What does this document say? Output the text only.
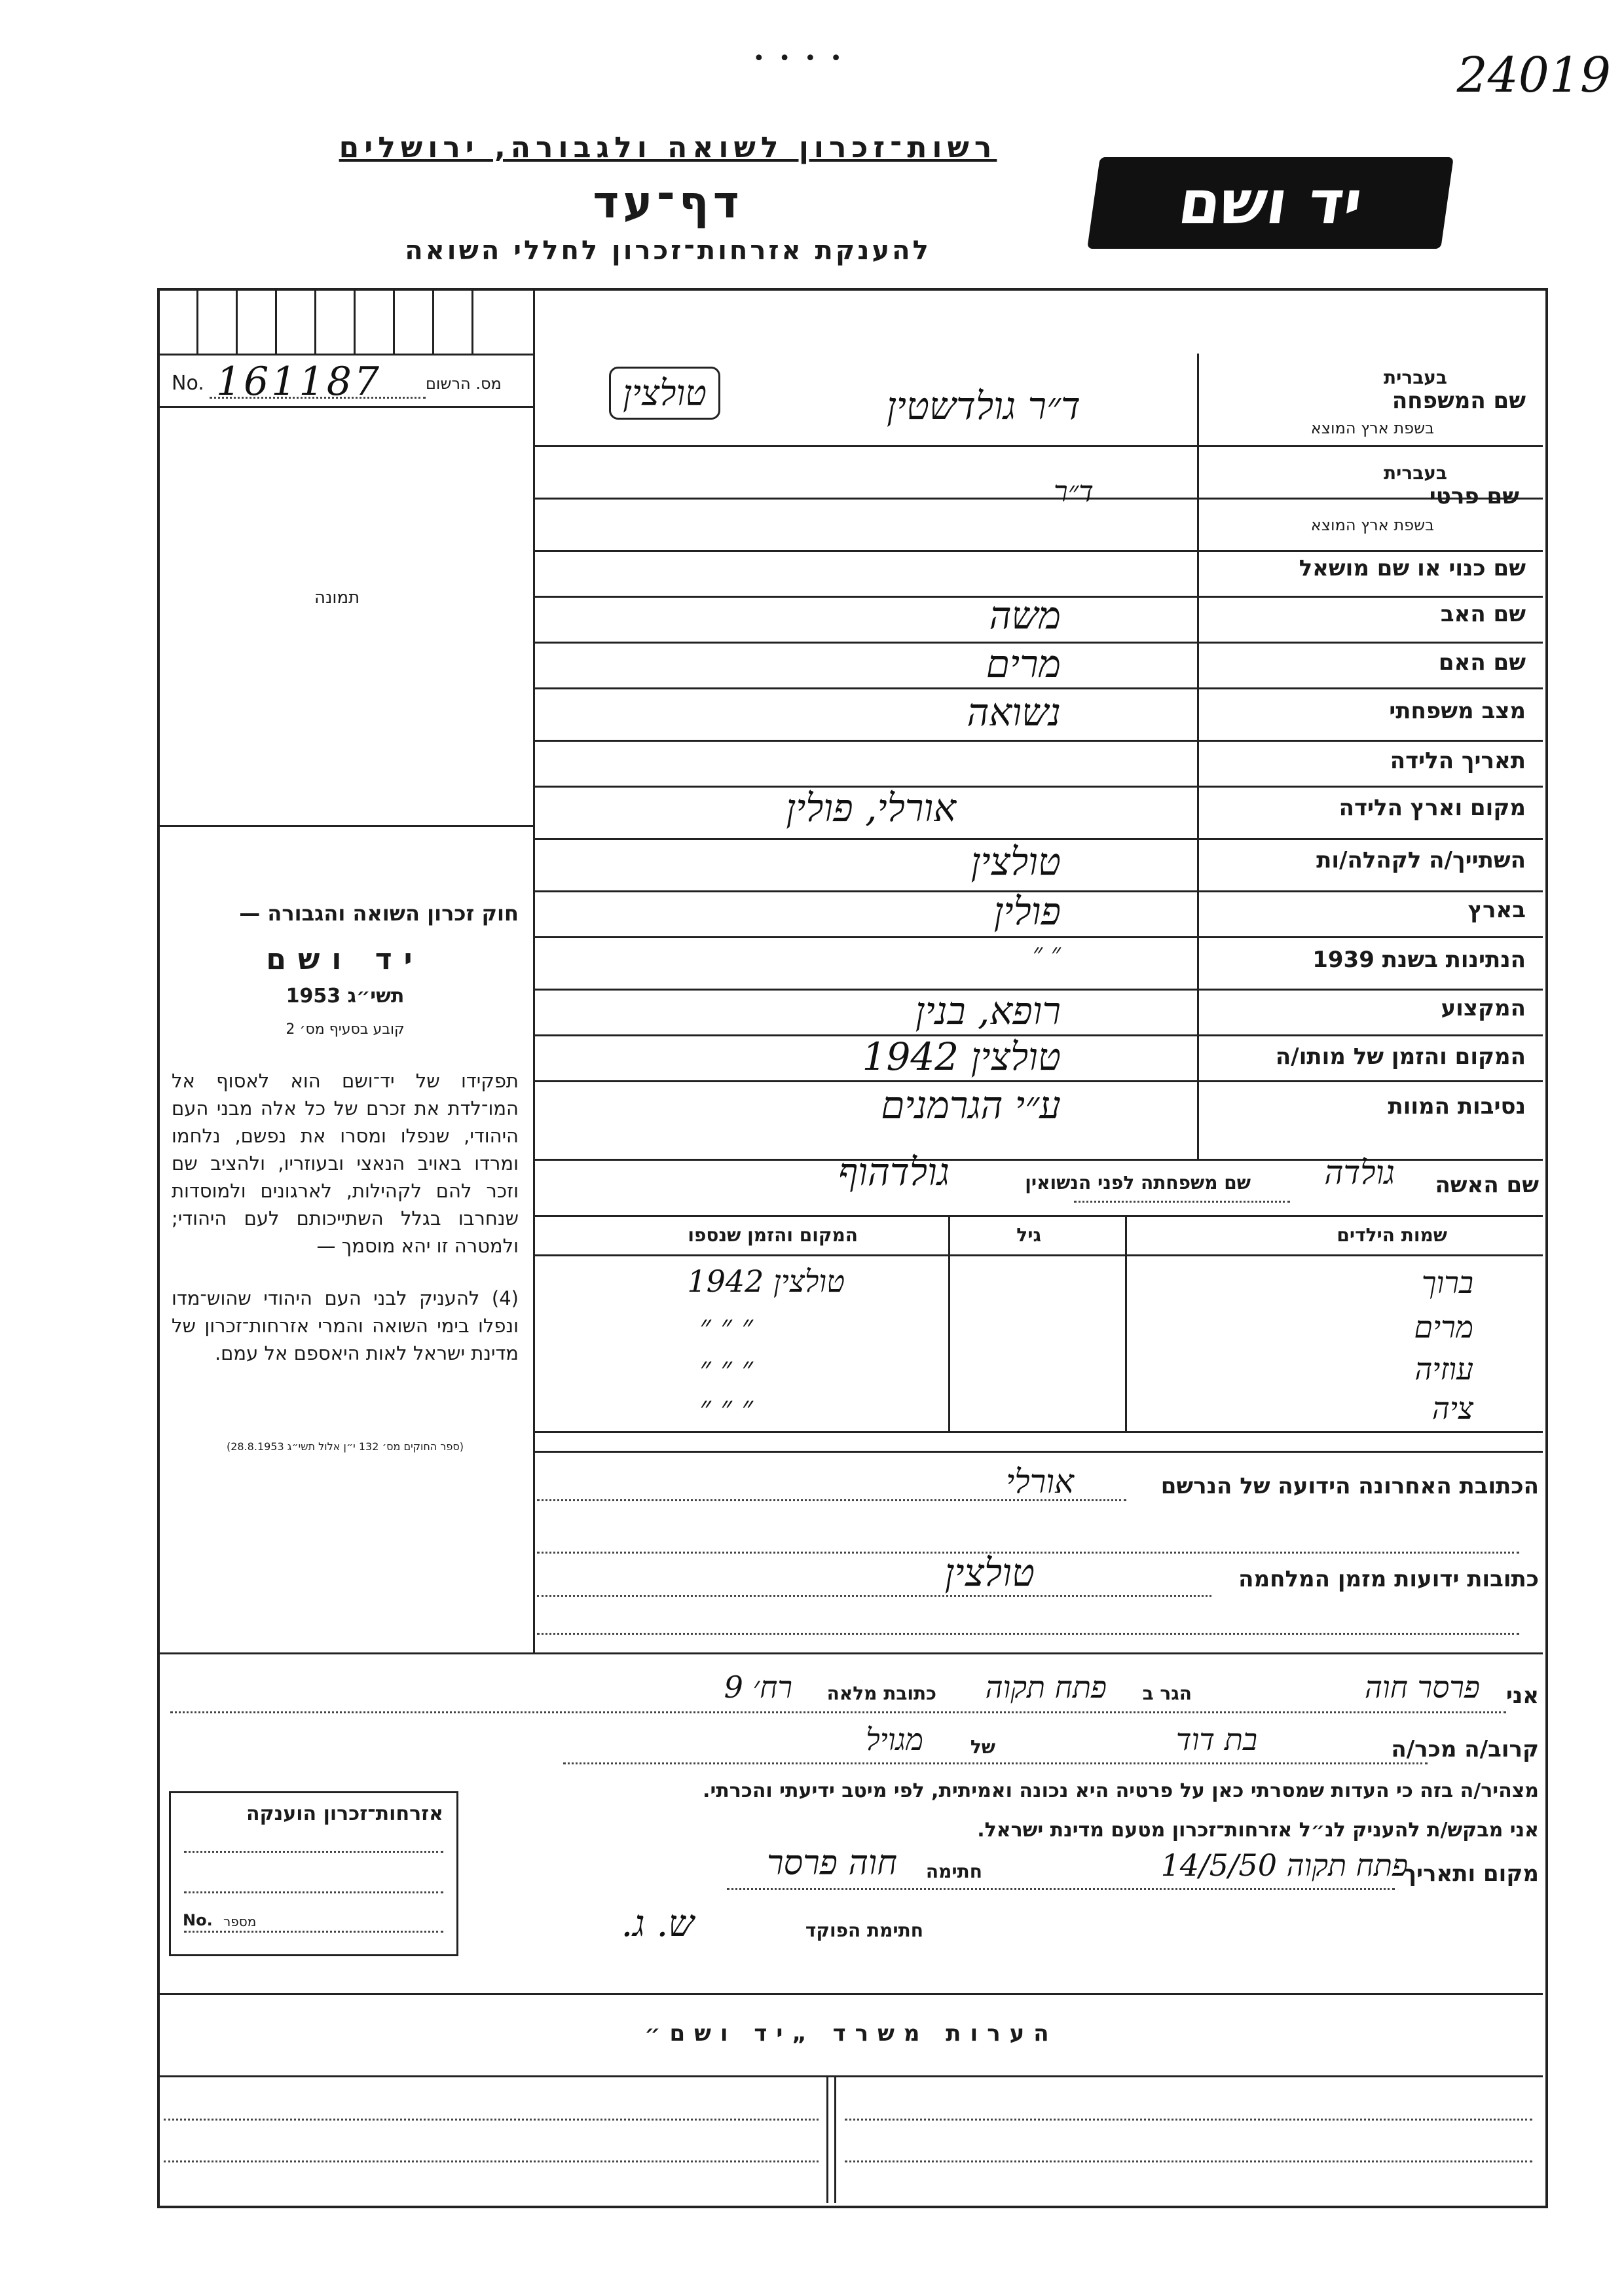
24019
• • • •
רשות־זכרון לשואה ולגבורה, ירושלים
דף־עד
להענקת אזרחות־זכרון לחללי השואה
יד ושם
No. 161187	מס. הרשום
תמונה
חוק זכרון השואה והגבורה —
יד ושם
תשי״ג 1953
קובע בסעיף מס׳ 2
תפקידו של יד־ושם הוא לאסוף אל המו־לדת את זכרם של כל אלה מבני העם היהודי, שנפלו ומסרו את נפשם, נלחמו ומרדו באויב הנאצי ובעוזריו, ולהציב שם וזכר להם לקהילות, לארגונים ולמוסדות שנחרבו בגלל השתייכותם לעם היהודי; ולמטרה זו יהא מוסמך —
(4) להעניק לבני העם היהודי שהוש־מדו ונפלו בימי השואה והמרי אזרחות־זכרון של מדינת ישראל לאות היאספם אל עמם.
(ספר החוקים מס׳ 132 י״ן אלול תשי״ג 28.8.1953)
שם המשפחה
בעברית
בשפת ארץ המוצא
ד״ר גולדשטין
טולצין
שם פרטי
בעברית
בשפת ארץ המוצא
ד״ר
שם כנוי או שם מושאל
שם האב
משה
שם האם
מרים
מצב משפחתי
נשואה
תאריך הלידה
מקום וארץ הלידה
אורלי, פולין
השתייך/ה לקהלה/ות
טולצין
בארץ
פולין
הנתינות בשנת 1939
״ ״
המקצוע
רופא, בנין
המקום והזמן של מותו/ה
טולצין 1942
נסיבות המוות
ע״י הגרמנים
שם האשה
גולדה
שם משפחתה לפני הנשואין
גולדהוף
שמות הילדים
גיל
המקום והזמן שנספו
ברוך
טולצין 1942
מרים
״ ״ ״
עוזיה
״ ״ ״
ציה
״ ״ ״
הכתובת האחרונה הידועה של הנרשם
אורלי
כתובות ידועות מזמן המלחמה
טולצין
אני
פרסר חוה
הגר ב
פתח תקוה
כתובת מלאה
רח׳ 9
קרוב/ה מכר/ה
בת דוד
של
מגויל
מצהיר/ה בזה כי העדות שמסרתי כאן על פרטיה היא נכונה ואמיתית, לפי מיטב ידיעתי והכרתי.
אני מבקש/ת להעניק לנ״ל אזרחות־זכרון מטעם מדינת ישראל.
מקום ותאריך
פתח תקוה 14/5/50
חתימה
חוה פרסר
חתימת הפוקד
ש. ג.
אזרחות־זכרון הוענקה
No. מספר
הערות משרד „יד ושם״
